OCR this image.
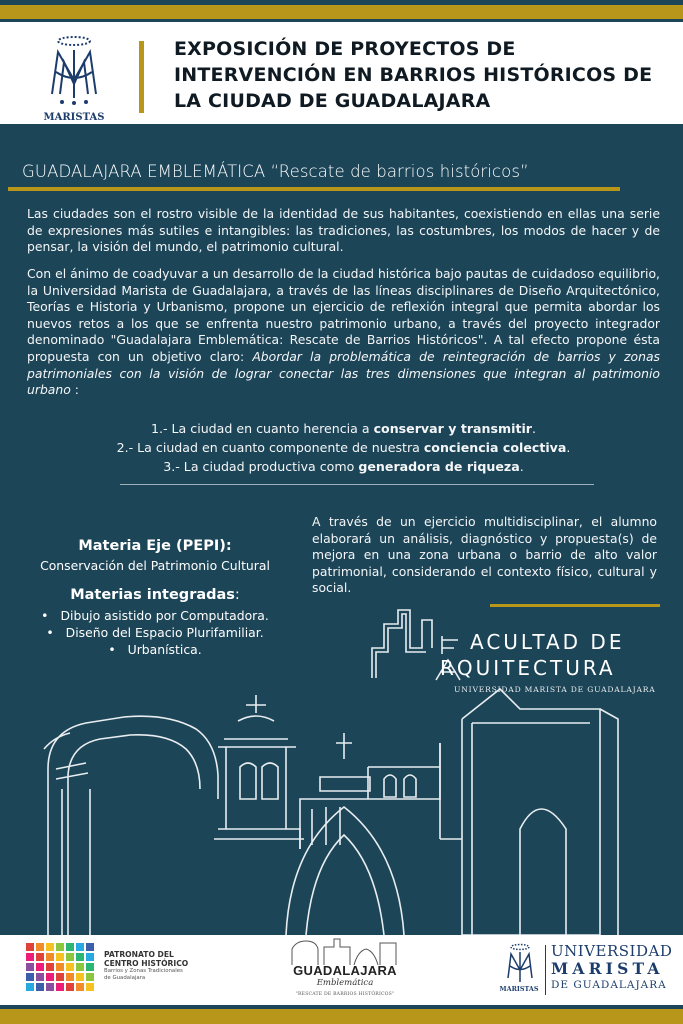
MARISTAS
EXPOSICIÓN DE PROYECTOS DE
INTERVENCIÓN EN BARRIOS HISTÓRICOS DE
LA CIUDAD DE GUADALAJARA
GUADALAJARA EMBLEMÁTICA “Rescate de barrios históricos”
Las ciudades son el rostro visible de la identidad de sus habitantes, coexistiendo en ellas una serie de expresiones más sutiles e intangibles: las tradiciones, las costumbres, los modos de hacer y de pensar, la visión del mundo, el patrimonio cultural.
Con el ánimo de coadyuvar a un desarrollo de la ciudad histórica bajo pautas de cuidadoso equilibrio, la Universidad Marista de Guadalajara, a través de las líneas disciplinares de Diseño Arquitectónico, Teorías e Historia y Urbanismo, propone un ejercicio de reflexión integral que permita abordar los nuevos retos a los que se enfrenta nuestro patrimonio urbano, a través del proyecto integrador denominado "Guadalajara Emblemática: Rescate de Barrios Históricos". A tal efecto propone ésta propuesta con un objetivo claro: Abordar la problemática de reintegración de barrios y zonas patrimoniales con la visión de lograr conectar las tres dimensiones que integran al patrimonio urbano :
1.- La ciudad en cuanto herencia a conservar y transmitir.
2.- La ciudad en cuanto componente de nuestra conciencia colectiva.
3.- La ciudad productiva como generadora de riqueza.
Materia Eje (PEPI):
Conservación del Patrimonio Cultural
Materias integradas:
• Dibujo asistido por Computadora.
• Diseño del Espacio Plurifamiliar.
• Urbanística.
A través de un ejercicio multidisciplinar, el alumno elaborará un análisis, diagnóstico y propuesta(s) de mejora en una zona urbana o barrio de alto valor patrimonial, considerando el contexto físico, cultural y social.
ACULTAD DE
RQUITECTURA
UNIVERSIDAD MARISTA DE GUADALAJARA
PATRONATO DEL
CENTRO HISTÓRICO
Barrios y Zonas Tradicionales
de Guadalajara	GUADALAJARA
Emblemática
"RESCATE DE BARRIOS HISTÓRICOS"
MARISTAS
UNIVERSIDAD
MARISTA
DE GUADALAJARA
